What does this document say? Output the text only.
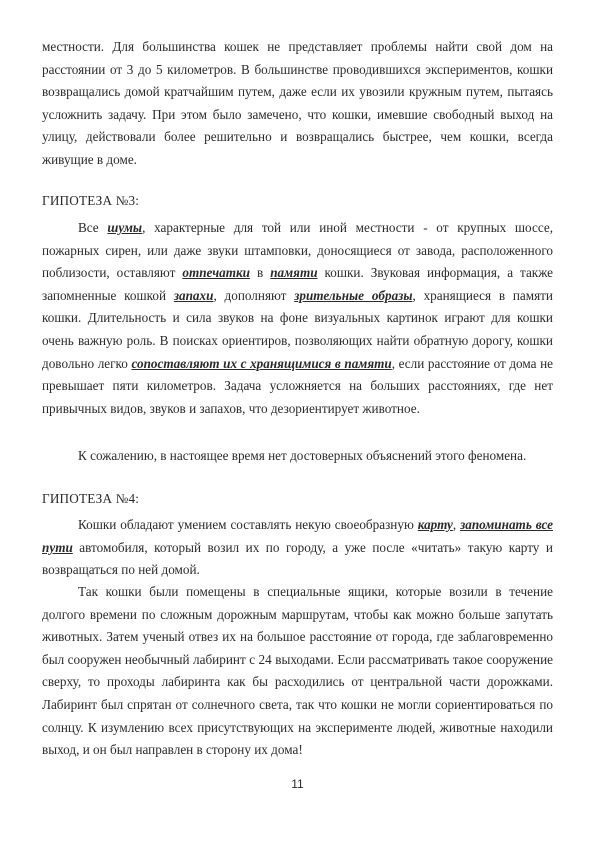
местности. Для большинства кошек не представляет проблемы найти свой дом на расстоянии от 3 до 5 километров. В большинстве проводившихся экспериментов, кошки возвращались домой кратчайшим путем, даже если их увозили кружным путем, пытаясь усложнить задачу. При этом было замечено, что кошки, имевшие свободный выход на улицу, действовали более решительно и возвращались быстрее, чем кошки, всегда живущие в доме.

ГИПОТЕЗА №3:

Все шумы, характерные для той или иной местности - от крупных шоссе, пожарных сирен, или даже звуки штамповки, доносящиеся от завода, расположенного поблизости, оставляют отпечатки в памяти кошки. Звуковая информация, а также запомненные кошкой запахи, дополняют зрительные образы, хранящиеся в памяти кошки. Длительность и сила звуков на фоне визуальных картинок играют для кошки очень важную роль. В поисках ориентиров, позволяющих найти обратную дорогу, кошки довольно легко сопоставляют их с хранящимися в памяти, если расстояние от дома не превышает пяти километров. Задача усложняется на больших расстояниях, где нет привычных видов, звуков и запахов, что дезориентирует животное.

К сожалению, в настоящее время нет достоверных объяснений этого феномена.

ГИПОТЕЗА №4:

Кошки обладают умением составлять некую своеобразную карту, запоминать все пути автомобиля, который возил их по городу, а уже после «читать» такую карту и возвращаться по ней домой.

Так кошки были помещены в специальные ящики, которые возили в течение долгого времени по сложным дорожным маршрутам, чтобы как можно больше запутать животных. Затем ученый отвез их на большое расстояние от города, где заблаговременно был сооружен необычный лабиринт с 24 выходами. Если рассматривать такое сооружение сверху, то проходы лабиринта как бы расходились от центральной части дорожками. Лабиринт был спрятан от солнечного света, так что кошки не могли сориентироваться по солнцу. К изумлению всех присутствующих на эксперименте людей, животные находили выход, и он был направлен в сторону их дома!

11
